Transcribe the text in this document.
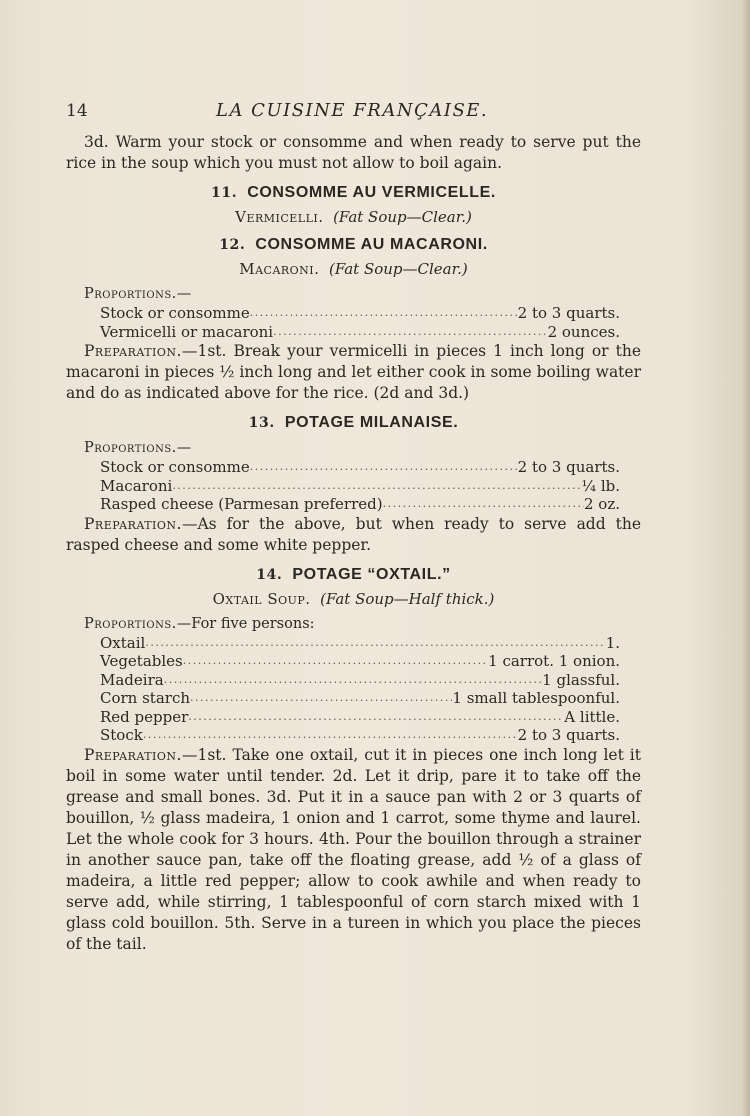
14	LA CUISINE FRANÇAISE.

3d. Warm your stock or consomme and when ready to serve put the rice in the soup which you must not allow to boil again.

11. CONSOMME AU VERMICELLE.
Vermicelli. (Fat Soup—Clear.)
12. CONSOMME AU MACARONI.
Macaroni. (Fat Soup—Clear.)
Proportions.—
Stock or consomme .....	2 to 3 quarts.
Vermicelli or macaroni .....	2 ounces.

Preparation.—1st. Break your vermicelli in pieces 1 inch long or the macaroni in pieces ½ inch long and let either cook in some boiling water and do as indicated above for the rice. (2d and 3d.)

13. POTAGE MILANAISE.
Proportions.—
Stock or consomme .....	2 to 3 quarts.
Macaroni .....	¼ lb.
Rasped cheese (Parmesan preferred) .....	2 oz.

Preparation.—As for the above, but when ready to serve add the rasped cheese and some white pepper.

14. POTAGE “OXTAIL.”
Oxtail Soup. (Fat Soup—Half thick.)
Proportions.—For five persons:
Oxtail .....	1.
Vegetables .....	1 carrot. 1 onion.
Madeira .....	1 glassful.
Corn starch .....	1 small tablespoonful.
Red pepper .....	A little.
Stock .....	2 to 3 quarts.

Preparation.—1st. Take one oxtail, cut it in pieces one inch long let it boil in some water until tender. 2d. Let it drip, pare it to take off the grease and small bones. 3d. Put it in a sauce pan with 2 or 3 quarts of bouillon, ½ glass madeira, 1 onion and 1 carrot, some thyme and laurel. Let the whole cook for 3 hours. 4th. Pour the bouillon through a strainer in another sauce pan, take off the floating grease, add ½ of a glass of madeira, a little red pepper; allow to cook awhile and when ready to serve add, while stirring, 1 tablespoonful of corn starch mixed with 1 glass cold bouillon. 5th. Serve in a tureen in which you place the pieces of the tail.
